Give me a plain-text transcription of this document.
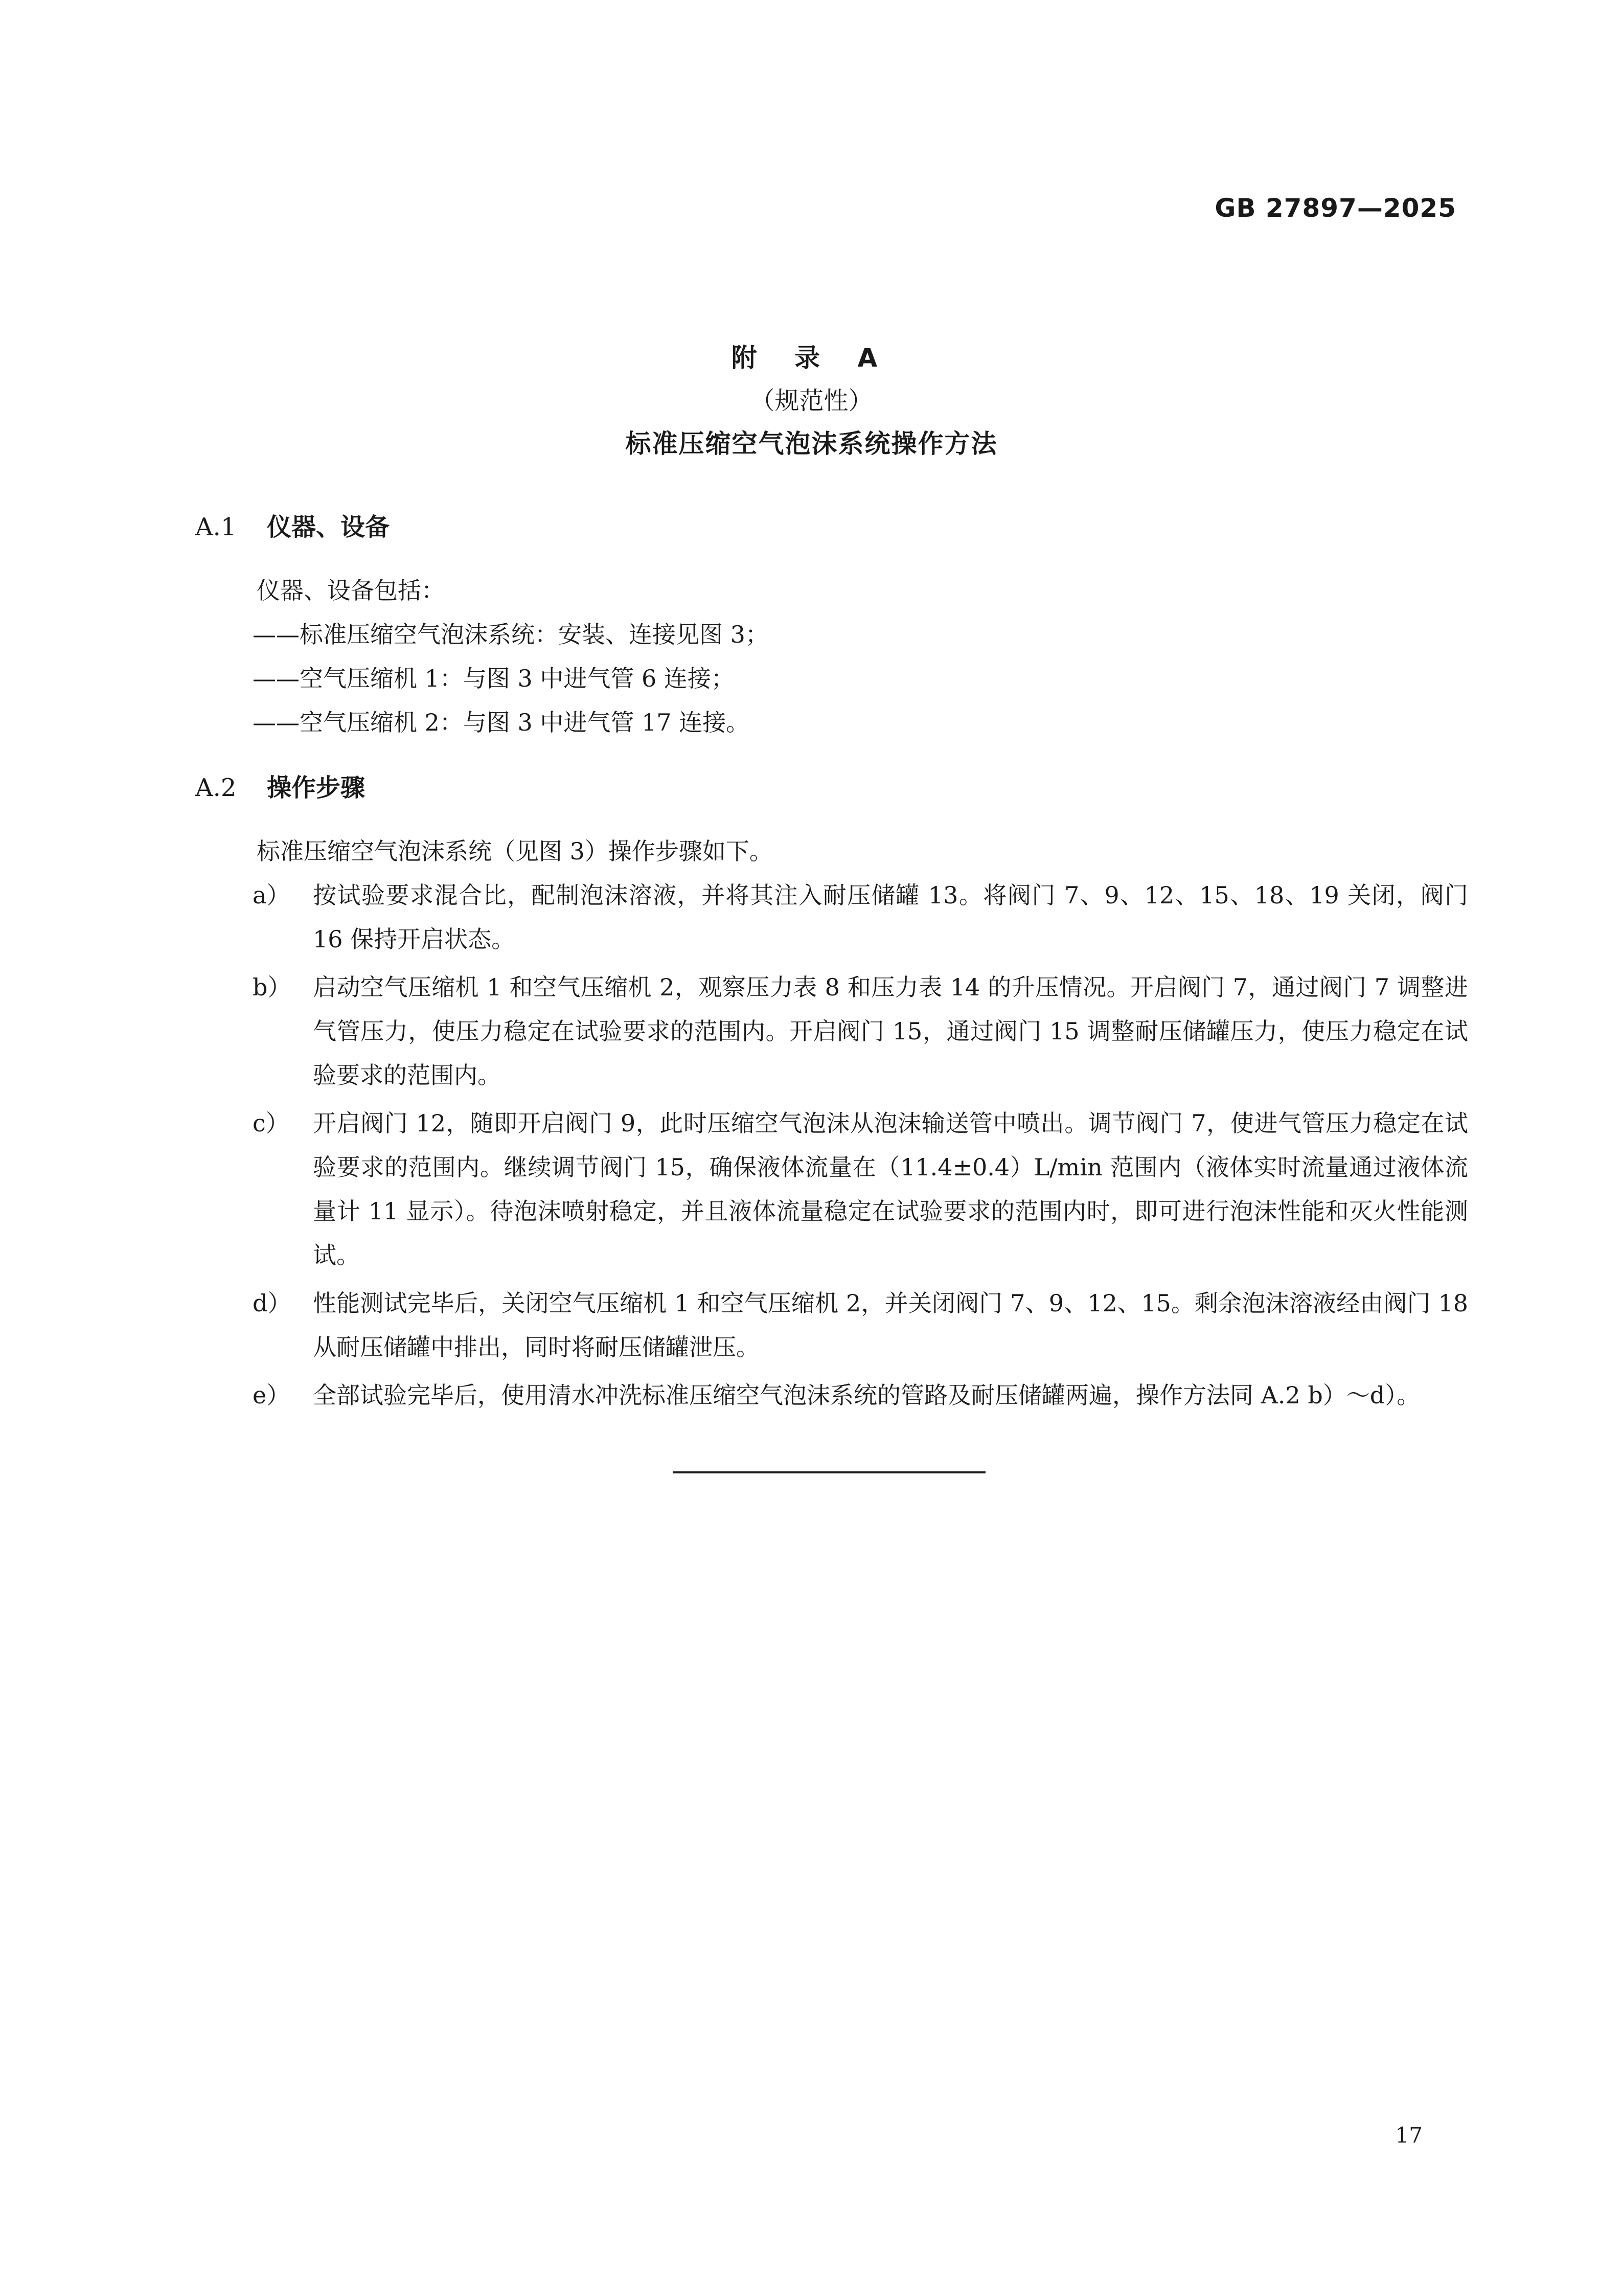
GB 27897—2025
附 录 A
（规范性）
标准压缩空气泡沫系统操作方法
A.1 仪器、设备
仪器、设备包括：
——标准压缩空气泡沫系统：安装、连接见图 3；
——空气压缩机 1：与图 3 中进气管 6 连接；
——空气压缩机 2：与图 3 中进气管 17 连接。
A.2 操作步骤
标准压缩空气泡沫系统（见图 3）操作步骤如下。
a） 按试验要求混合比，配制泡沫溶液，并将其注入耐压储罐 13。将阀门 7、9、12、15、18、19 关闭，阀门 16 保持开启状态。
b） 启动空气压缩机 1 和空气压缩机 2，观察压力表 8 和压力表 14 的升压情况。开启阀门 7，通过阀门 7 调整进气管压力，使压力稳定在试验要求的范围内。开启阀门 15，通过阀门 15 调整耐压储罐压力，使压力稳定在试验要求的范围内。
c） 开启阀门 12，随即开启阀门 9，此时压缩空气泡沫从泡沫输送管中喷出。调节阀门 7，使进气管压力稳定在试验要求的范围内。继续调节阀门 15，确保液体流量在（11.4±0.4）L/min 范围内（液体实时流量通过液体流量计 11 显示）。待泡沫喷射稳定，并且液体流量稳定在试验要求的范围内时，即可进行泡沫性能和灭火性能测试。
d） 性能测试完毕后，关闭空气压缩机 1 和空气压缩机 2，并关闭阀门 7、9、12、15。剩余泡沫溶液经由阀门 18 从耐压储罐中排出，同时将耐压储罐泄压。
e） 全部试验完毕后，使用清水冲洗标准压缩空气泡沫系统的管路及耐压储罐两遍，操作方法同 A.2 b）～d）。
17
